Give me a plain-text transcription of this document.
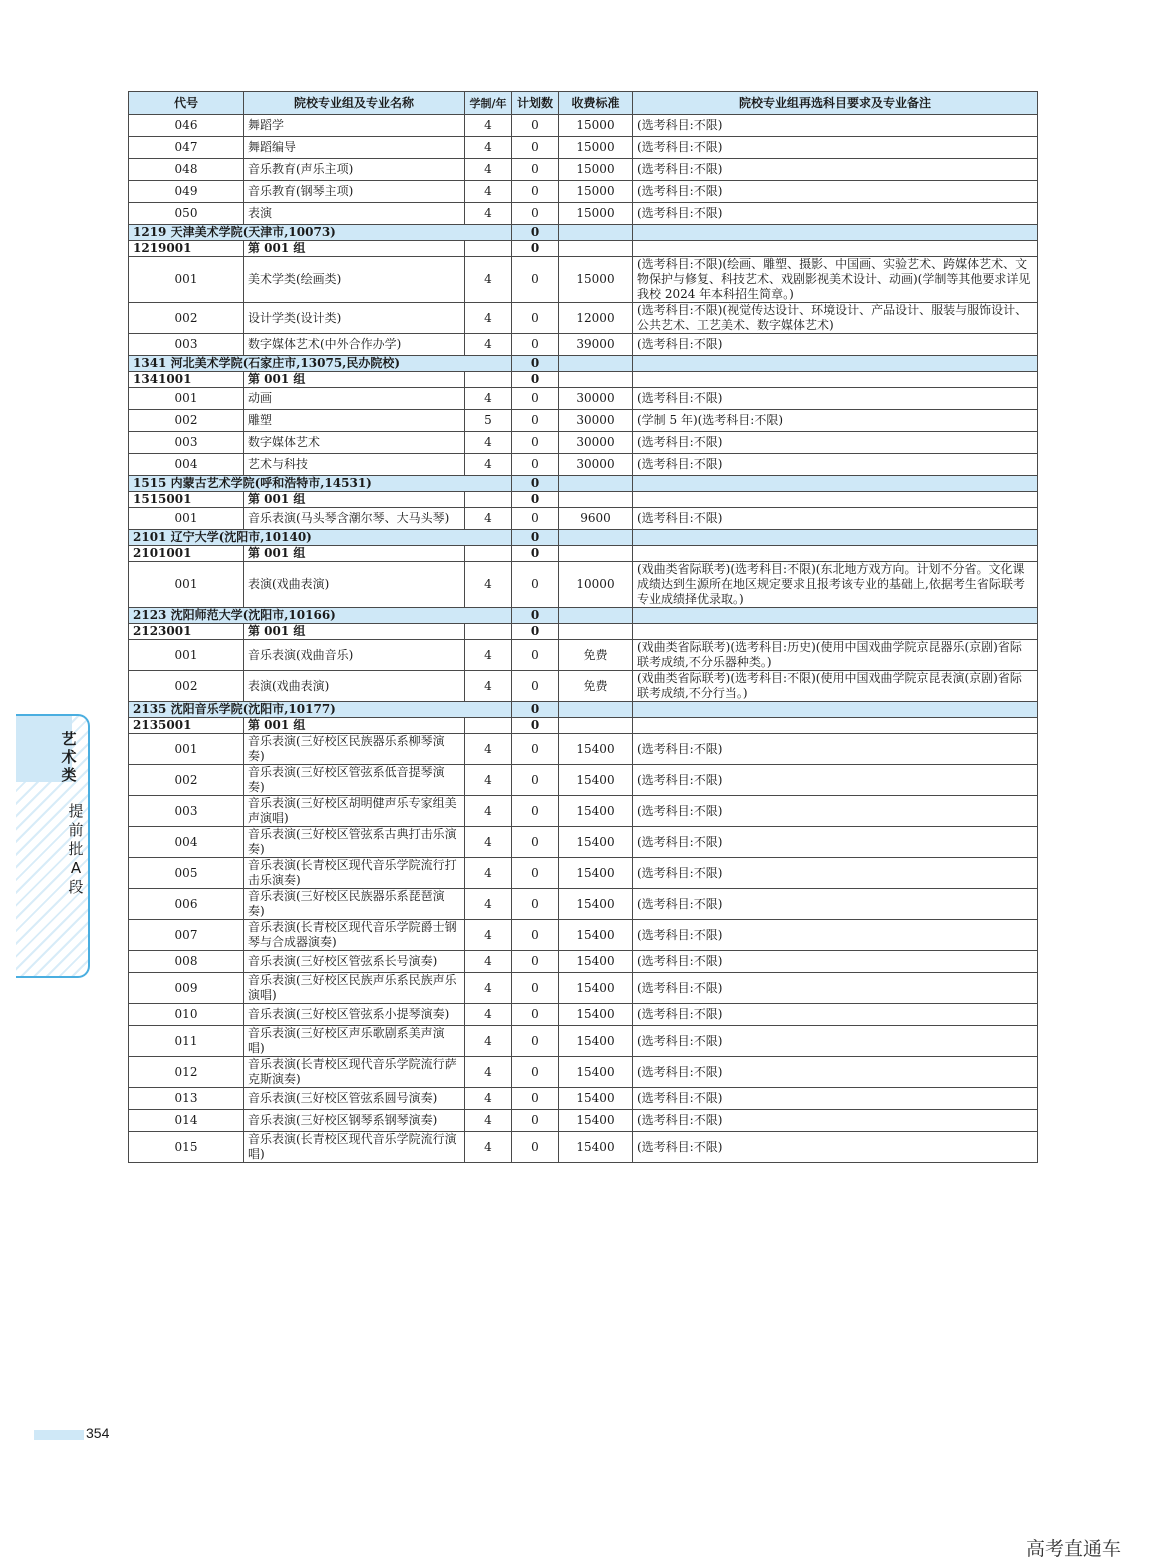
代号	院校专业组及专业名称	学制/年	计划数	收费标准	院校专业组再选科目要求及专业备注
046	舞蹈学	4	0	15000	(选考科目:不限)
047	舞蹈编导	4	0	15000	(选考科目:不限)
048	音乐教育(声乐主项)	4	0	15000	(选考科目:不限)
049	音乐教育(钢琴主项)	4	0	15000	(选考科目:不限)
050	表演	4	0	15000	(选考科目:不限)
1219 天津美术学院(天津市,10073)			0		
1219001	第 001 组		0		
001	美术学类(绘画类)	4	0	15000	(选考科目:不限)(绘画、雕塑、摄影、中国画、实验艺术、跨媒体艺术、文物保护与修复、科技艺术、戏剧影视美术设计、动画)(学制等其他要求详见我校 2024 年本科招生简章。)
002	设计学类(设计类)	4	0	12000	(选考科目:不限)(视觉传达设计、环境设计、产品设计、服装与服饰设计、公共艺术、工艺美术、数字媒体艺术)
003	数字媒体艺术(中外合作办学)	4	0	39000	(选考科目:不限)
1341 河北美术学院(石家庄市,13075,民办院校)			0		
1341001	第 001 组		0		
001	动画	4	0	30000	(选考科目:不限)
002	雕塑	5	0	30000	(学制 5 年)(选考科目:不限)
003	数字媒体艺术	4	0	30000	(选考科目:不限)
004	艺术与科技	4	0	30000	(选考科目:不限)
1515 内蒙古艺术学院(呼和浩特市,14531)			0		
1515001	第 001 组		0		
001	音乐表演(马头琴含潮尔琴、大马头琴)	4	0	9600	(选考科目:不限)
2101 辽宁大学(沈阳市,10140)			0		
2101001	第 001 组		0		
001	表演(戏曲表演)	4	0	10000	(戏曲类省际联考)(选考科目:不限)(东北地方戏方向。计划不分省。文化课成绩达到生源所在地区规定要求且报考该专业的基础上,依据考生省际联考专业成绩择优录取。)
2123 沈阳师范大学(沈阳市,10166)			0		
2123001	第 001 组		0		
001	音乐表演(戏曲音乐)	4	0	免费	(戏曲类省际联考)(选考科目:历史)(使用中国戏曲学院京昆器乐(京剧)省际联考成绩,不分乐器种类。)
002	表演(戏曲表演)	4	0	免费	(戏曲类省际联考)(选考科目:不限)(使用中国戏曲学院京昆表演(京剧)省际联考成绩,不分行当。)
2135 沈阳音乐学院(沈阳市,10177)			0		
2135001	第 001 组		0		
001	音乐表演(三好校区民族器乐系柳琴演奏)	4	0	15400	(选考科目:不限)
002	音乐表演(三好校区管弦系低音提琴演奏)	4	0	15400	(选考科目:不限)
003	音乐表演(三好校区胡明健声乐专家组美声演唱)	4	0	15400	(选考科目:不限)
004	音乐表演(三好校区管弦系古典打击乐演奏)	4	0	15400	(选考科目:不限)
005	音乐表演(长青校区现代音乐学院流行打击乐演奏)	4	0	15400	(选考科目:不限)
006	音乐表演(三好校区民族器乐系琵琶演奏)	4	0	15400	(选考科目:不限)
007	音乐表演(长青校区现代音乐学院爵士钢琴与合成器演奏)	4	0	15400	(选考科目:不限)
008	音乐表演(三好校区管弦系长号演奏)	4	0	15400	(选考科目:不限)
009	音乐表演(三好校区民族声乐系民族声乐演唱)	4	0	15400	(选考科目:不限)
010	音乐表演(三好校区管弦系小提琴演奏)	4	0	15400	(选考科目:不限)
011	音乐表演(三好校区声乐歌剧系美声演唱)	4	0	15400	(选考科目:不限)
012	音乐表演(长青校区现代音乐学院流行萨克斯演奏)	4	0	15400	(选考科目:不限)
013	音乐表演(三好校区管弦系圆号演奏)	4	0	15400	(选考科目:不限)
014	音乐表演(三好校区钢琴系钢琴演奏)	4	0	15400	(选考科目:不限)
015	音乐表演(长青校区现代音乐学院流行演唱)	4	0	15400	(选考科目:不限)
艺术类
提前批A段
354
高考直通车
